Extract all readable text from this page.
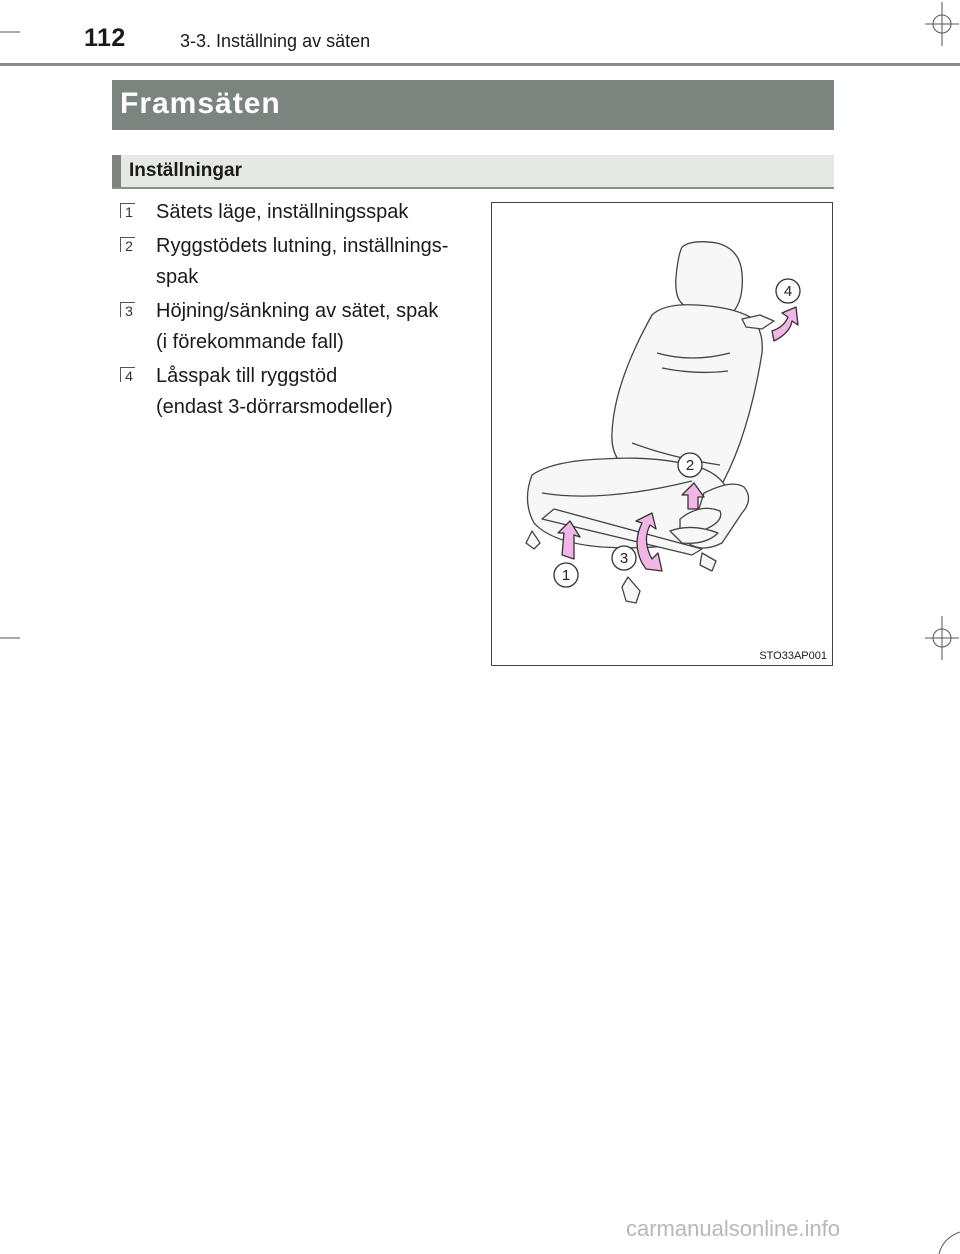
112	3-3. Inställning av säten
Framsäten
Inställningar
1 Sätets läge, inställningsspak
2 Ryggstödets lutning, inställnings-
spak
3 Höjning/sänkning av sätet, spak
(i förekommande fall)
4 Låsspak till ryggstöd
(endast 3-dörrarsmodeller)
1
2
3
4
STO33AP001
carmanualsonline.info
